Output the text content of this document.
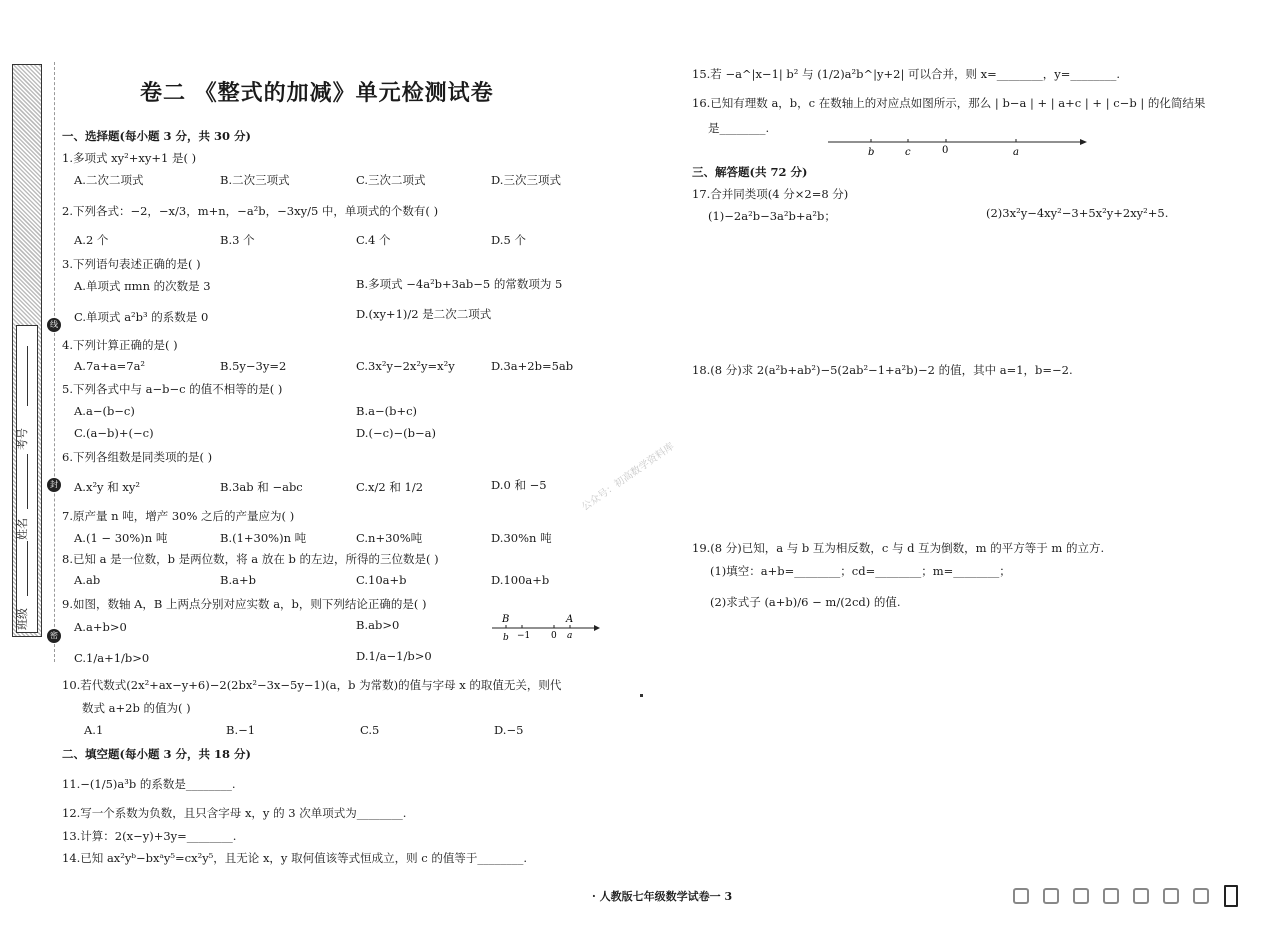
班级
姓名
考号
线
封
密
卷二 《整式的加减》单元检测试卷
一、选择题(每小题 3 分，共 30 分)
1.多项式 xy²+xy+1 是( )
A.二次二项式	B.二次三项式	C.三次二项式	D.三次三项式
2.下列各式：−2，−x/3，m+n，−a²b，−3xy/5 中，单项式的个数有( )
A.2 个	B.3 个	C.4 个	D.5 个
3.下列语句表述正确的是( )
A.单项式 πmn 的次数是 3	B.多项式 −4a²b+3ab−5 的常数项为 5
C.单项式 a²b³ 的系数是 0	D.(xy+1)/2 是二次二项式
4.下列计算正确的是( )
A.7a+a=7a²	B.5y−3y=2	C.3x²y−2x²y=x²y	D.3a+2b=5ab
5.下列各式中与 a−b−c 的值不相等的是( )
A.a−(b−c)	B.a−(b+c)
C.(a−b)+(−c)	D.(−c)−(b−a)
6.下列各组数是同类项的是( )
A.x²y 和 xy²	B.3ab 和 −abc	C.x/2 和 1/2	D.0 和 −5
7.原产量 n 吨，增产 30% 之后的产量应为( )
A.(1 − 30%)n 吨	B.(1+30%)n 吨	C.n+30%吨	D.30%n 吨
8.已知 a 是一位数，b 是两位数，将 a 放在 b 的左边，所得的三位数是( )
A.ab	B.a+b	C.10a+b	D.100a+b
9.如图，数轴 A，B 上两点分别对应实数 a，b，则下列结论正确的是( )
A.a+b>0	B.ab>0
C.1/a+1/b>0	D.1/a−1/b>0
B
b −1 0
A
a
10.若代数式(2x²+ax−y+6)−2(2bx²−3x−5y−1)(a，b 为常数)的值与字母 x 的取值无关，则代
数式 a+2b 的值为( )
A.1	B.−1	C.5	D.−5
二、填空题(每小题 3 分，共 18 分)
11.−(1/5)a³b 的系数是________.
12.写一个系数为负数，且只含字母 x，y 的 3 次单项式为________.
13.计算：2(x−y)+3y=________.
14.已知 ax²yᵇ−bxᵃy⁵=cx²y⁵，且无论 x，y 取何值该等式恒成立，则 c 的值等于________.
15.若 −a^|x−1| b² 与 (1/2)a²b^|y+2| 可以合并，则 x=________，y=________.
16.已知有理数 a，b，c 在数轴上的对应点如图所示，那么 | b−a | + | a+c | + | c−b | 的化简结果
是________.
b	c	0	a
三、解答题(共 72 分)
17.合并同类项(4 分×2=8 分)
(1)−2a²b−3a²b+a²b；	(2)3x²y−4xy²−3+5x²y+2xy²+5.
18.(8 分)求 2(a²b+ab²)−5(2ab²−1+a²b)−2 的值，其中 a=1，b=−2.
19.(8 分)已知，a 与 b 互为相反数，c 与 d 互为倒数，m 的平方等于 m 的立方.
(1)填空：a+b=________；cd=________；m=________；
(2)求式子 (a+b)/6 − m/(2cd) 的值.
公众号：初高数学资料库
· 人教版七年级数学试卷一 3
